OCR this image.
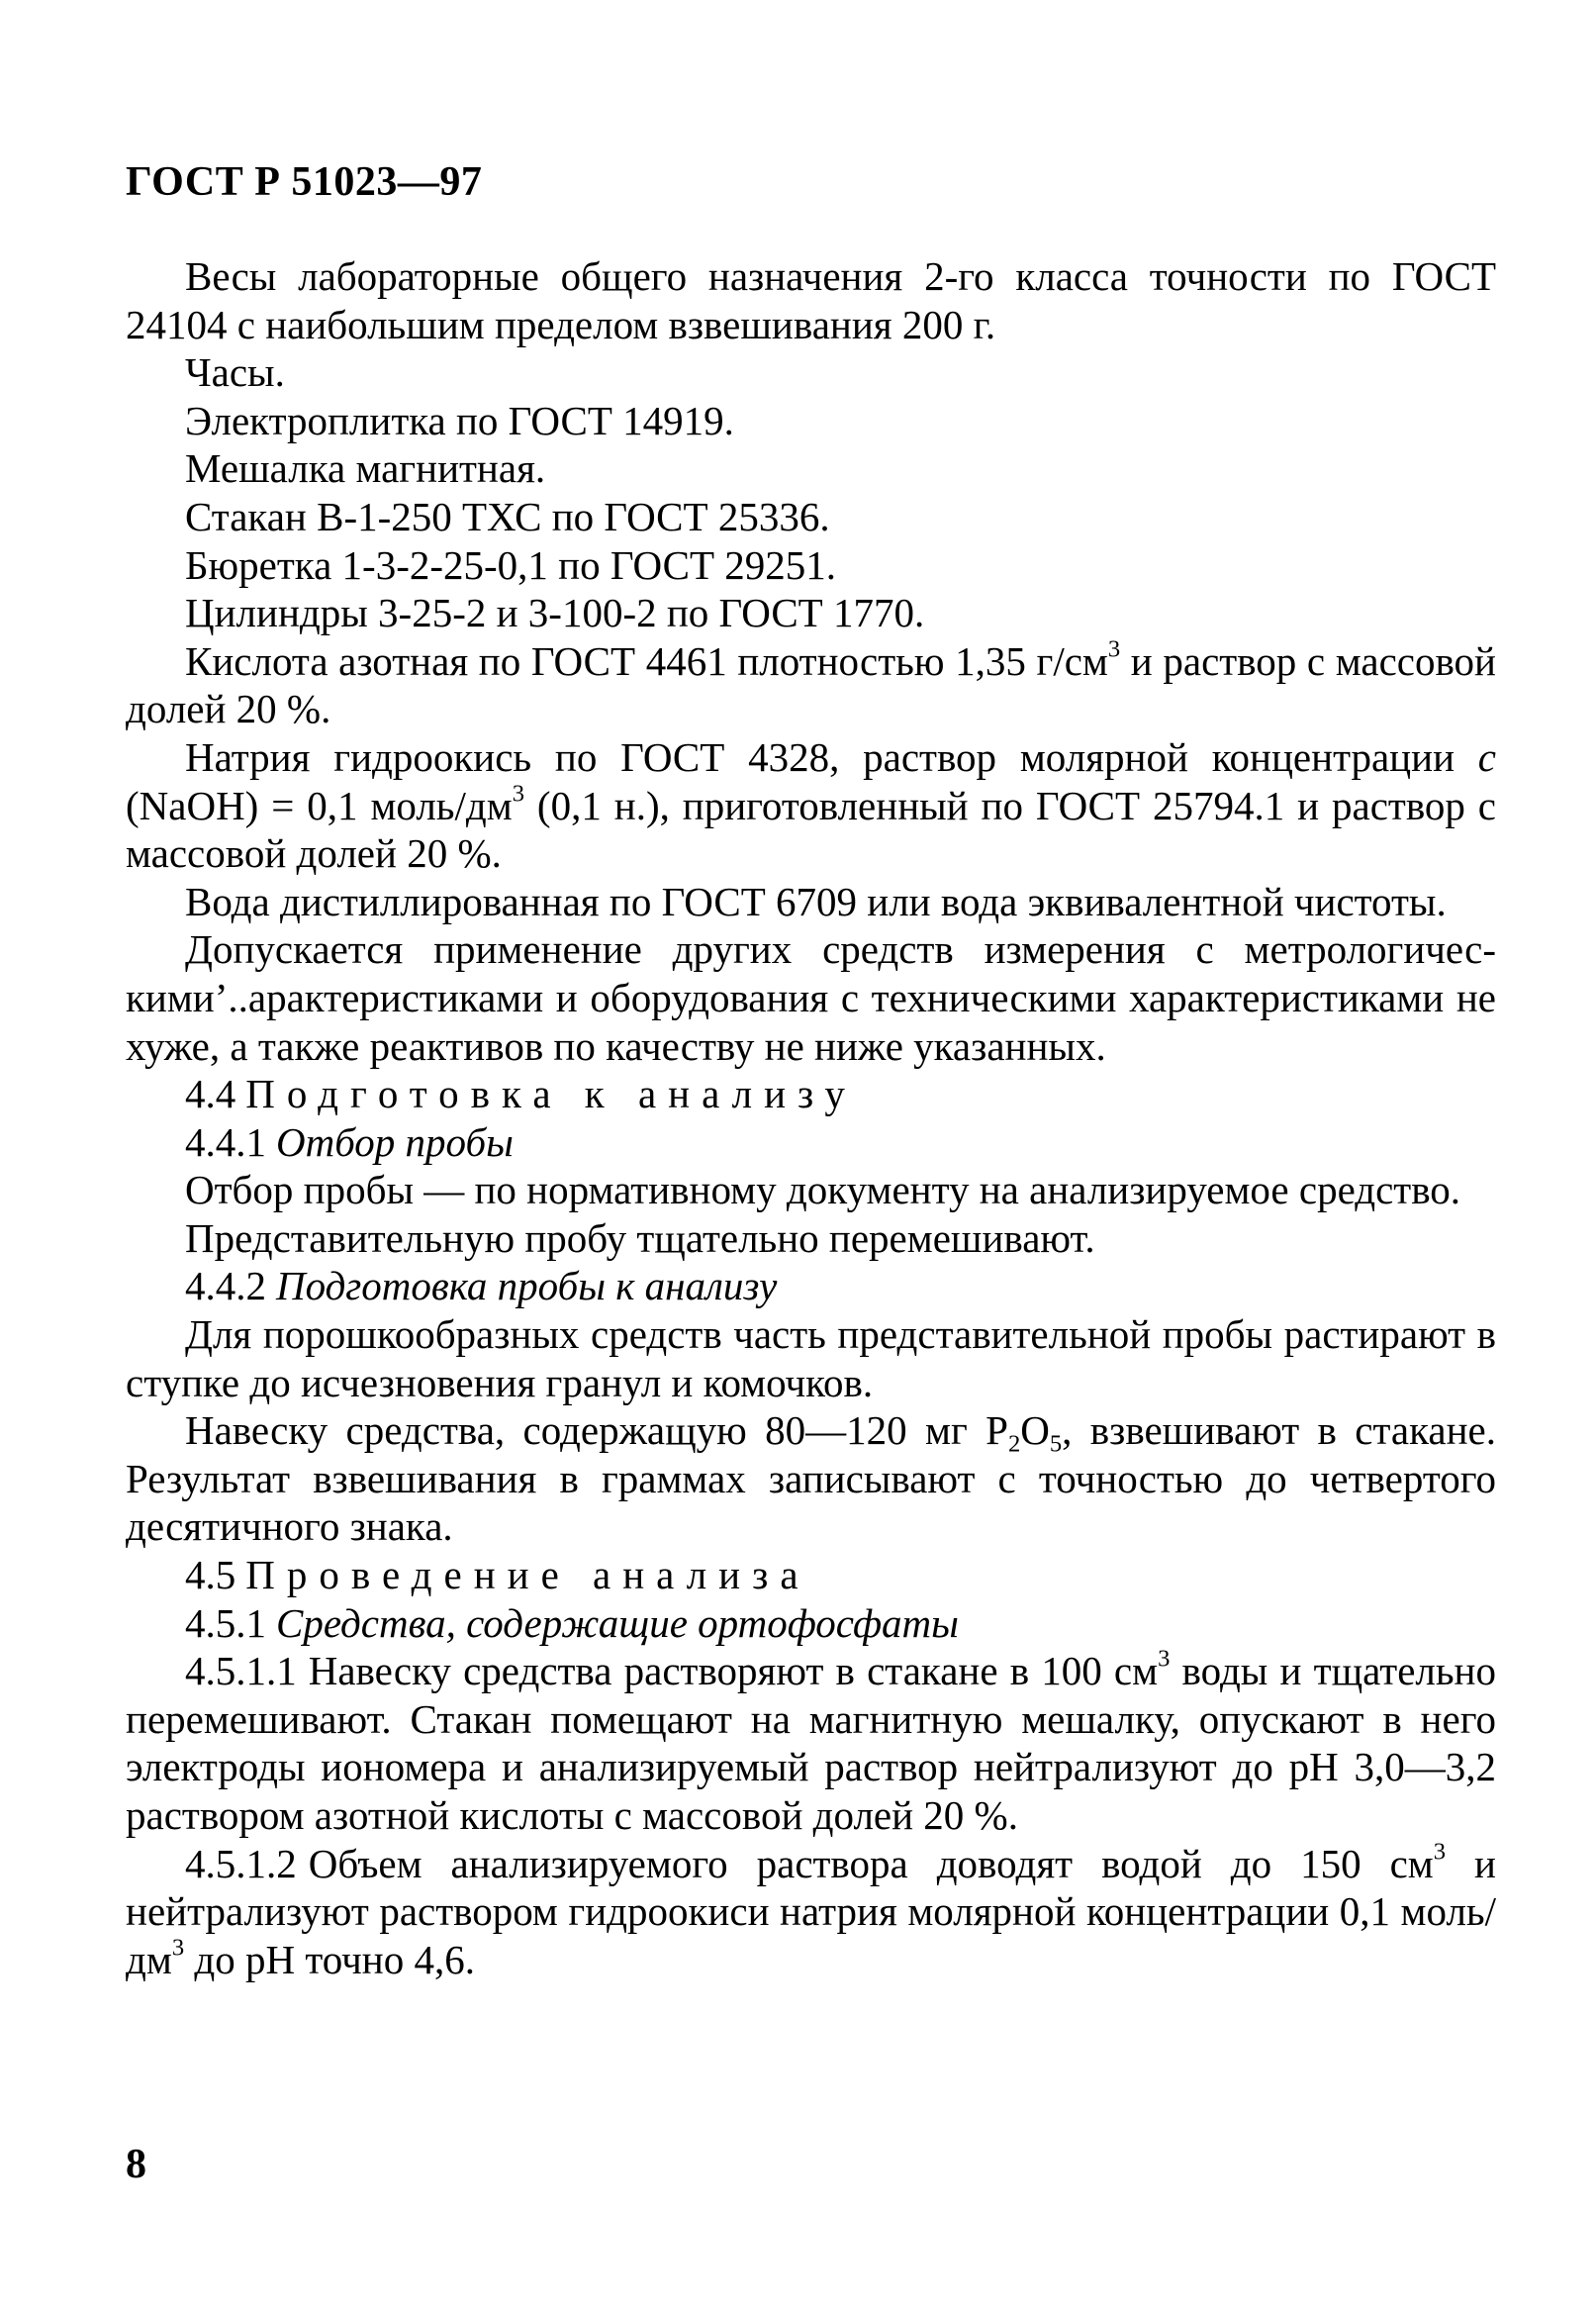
ГОСТ Р 51023—97

Весы лабораторные общего назначения 2-го класса точности по ГОСТ 24104 с наибольшим пределом взвешивания 200 г.

Часы.

Электроплитка по ГОСТ 14919.

Мешалка магнитная.

Стакан В-1-250 ТХС по ГОСТ 25336.

Бюретка 1-3-2-25-0,1 по ГОСТ 29251.

Цилиндры 3-25-2 и 3-100-2 по ГОСТ 1770.

Кислота азотная по ГОСТ 4461 плотностью 1,35 $г/см^3$ и раствор с массовой долей 20 %.

Натрия гидроокись по ГОСТ 4328, раствор молярной концентрации с (NaOH) = 0,1 моль/$дм^3$ (0,1 н.), приготовленный по ГОСТ 25794.1 и раствор с массовой долей 20 %.

Вода дистиллированная по ГОСТ 6709 или вода эквивалентной чистоты.

Допускается применение других средств измерения с метрологичес- кими’..арактеристиками и оборудования с техническими характеристиками не хуже, а также реактивов по качеству не ниже указанных.

4.4 Подготовка к анализу

4.4.1 Отбор пробы

Отбор пробы — по нормативному документу на анализируемое средство.

Представительную пробу тщательно перемешивают.

4.4.2 Подготовка пробы к анализу

Для порошкообразных средств часть представительной пробы растирают в ступке до исчезновения гранул и комочков.

Навеску средства, содержащую 80—120 мг $P_2O_5$, взвешивают в стакане. Результат взвешивания в граммах записывают с точностью до четвертого десятичного знака.

4.5 Проведение анализа

4.5.1 Средства, содержащие ортофосфаты

4.5.1.1 Навеску средства растворяют в стакане в 100 $см^3$ воды и тщательно перемешивают. Стакан помещают на магнитную мешалку, опускают в него электроды иономера и анализируемый раствор нейтрализуют до pH 3,0—3,2 раствором азотной кислоты с массовой долей 20 %.

4.5.1.2 Объем анализируемого раствора доводят водой до 150 $см^3$ и нейтрализуют раствором гидроокиси натрия молярной концентрации 0,1 моль/$дм^3$ до рН точно 4,6.

8
